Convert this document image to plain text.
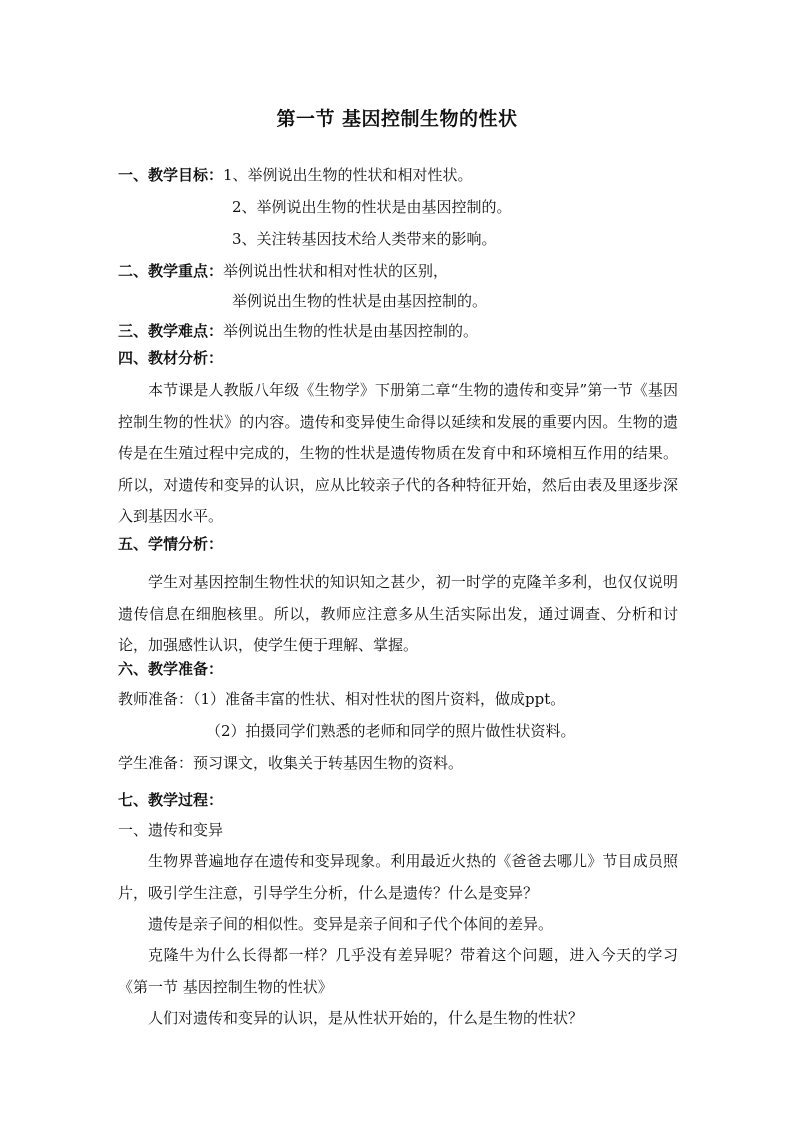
第一节 基因控制生物的性状
一、教学目标：1、举例说出生物的性状和相对性状。
2、举例说出生物的性状是由基因控制的。
3、关注转基因技术给人类带来的影响。
二、教学重点：举例说出性状和相对性状的区别，
举例说出生物的性状是由基因控制的。
三、教学难点：举例说出生物的性状是由基因控制的。
四、教材分析：
本节课是人教版八年级《生物学》下册第二章“生物的遗传和变异”第一节《基因控制生物的性状》的内容。遗传和变异使生命得以延续和发展的重要内因。生物的遗传是在生殖过程中完成的，生物的性状是遗传物质在发育中和环境相互作用的结果。所以，对遗传和变异的认识，应从比较亲子代的各种特征开始，然后由表及里逐步深入到基因水平。
五、学情分析：
学生对基因控制生物性状的知识知之甚少，初一时学的克隆羊多利，也仅仅说明遗传信息在细胞核里。所以，教师应注意多从生活实际出发，通过调查、分析和讨论，加强感性认识，使学生便于理解、掌握。
六、教学准备：
教师准备：（1）准备丰富的性状、相对性状的图片资料，做成ppt。
（2）拍摄同学们熟悉的老师和同学的照片做性状资料。
学生准备：预习课文，收集关于转基因生物的资料。
七、教学过程：
一、遗传和变异
生物界普遍地存在遗传和变异现象。利用最近火热的《爸爸去哪儿》节目成员照片，吸引学生注意，引导学生分析，什么是遗传？什么是变异？
遗传是亲子间的相似性。变异是亲子间和子代个体间的差异。
克隆牛为什么长得都一样？几乎没有差异呢？带着这个问题，进入今天的学习《第一节 基因控制生物的性状》
人们对遗传和变异的认识，是从性状开始的，什么是生物的性状？
